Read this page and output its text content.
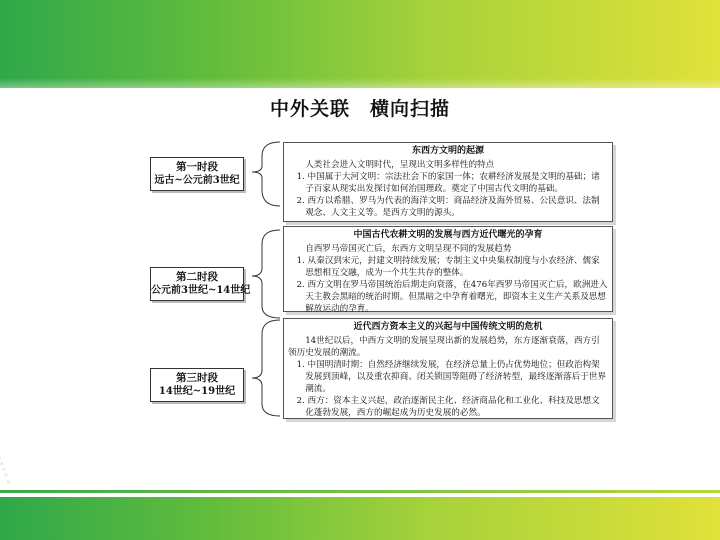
中外关联　横向扫描
第一时段
远古~公元前3世纪
第二时段
公元前3世纪~14世纪
第三时段
14世纪~19世纪
东西方文明的起源
人类社会进入文明时代，呈现出文明多样性的特点
1. 中国属于大河文明：宗法社会下的家国一体；农耕经济发展是文明的基础；诸子百家从现实出发探讨如何治国理政。奠定了中国古代文明的基础。
2. 西方以希腊、罗马为代表的海洋文明：商品经济及海外贸易、公民意识、法制观念、人文主义等。是西方文明的源头。
中国古代农耕文明的发展与西方近代曙光的孕育
自西罗马帝国灭亡后，东西方文明呈现不同的发展趋势
1. 从秦汉到宋元，封建文明持续发展；专制主义中央集权制度与小农经济、儒家思想相互交融，成为一个共生共存的整体。
2. 西方文明在罗马帝国统治后期走向衰落，在476年西罗马帝国灭亡后，欧洲进入天主教会黑暗的统治时期。但黑暗之中孕育着曙光，即资本主义生产关系及思想解放运动的孕育。
近代西方资本主义的兴起与中国传统文明的危机
14世纪以后，中西方文明的发展呈现出新的发展趋势，东方逐渐衰落，西方引领历史发展的潮流。
1. 中国明清时期：自然经济继续发展，在经济总量上仍占优势地位；但政治构架发展到顶峰，以及重农抑商、闭关锁国等阻碍了经济转型，最终逐渐落后于世界潮流。
2. 西方：资本主义兴起，政治逐渐民主化、经济商品化和工业化、科技及思想文化蓬勃发展，西方的崛起成为历史发展的必然。
